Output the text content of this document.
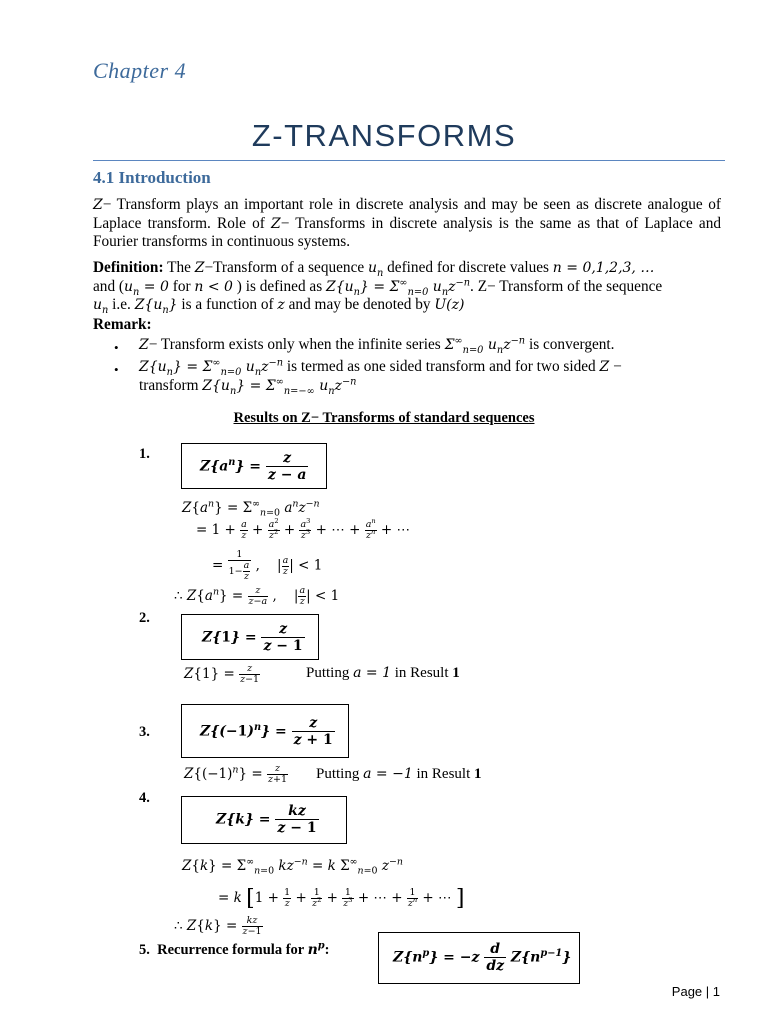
Chapter 4
Z-TRANSFORMS
4.1 Introduction
Z− Transform plays an important role in discrete analysis and may be seen as discrete analogue of Laplace transform. Role of Z− Transforms in discrete analysis is the same as that of Laplace and Fourier transforms in continuous systems.
Definition: The Z−Transform of a sequence $u_n$ defined for discrete values n = 0,1,2,3, …
and ($u_n = 0$ for n < 0 ) is defined as $Z\{u_n\} = \Sigma^\infty_{n=0}$ $u_nz^{-n}$. Z− Transform of the sequence
$u_n$ i.e. $Z\{u_n\}$ is a function of z and may be denoted by U(z)
Remark:
• Z− Transform exists only when the infinite series $\Sigma^\infty_{n=0}$ $u_nz^{-n}$ is convergent.
• $Z\{u_n\} = \Sigma^\infty_{n=0}$ $u_nz^{-n}$ is termed as one sided transform and for two sided Z −
transform $Z\{u_n\} = \Sigma^\infty_{n=-\infty}$ $u_nz^{-n}$
Results on Z− Transforms of standard sequences
1.
$Z\{a^n\} = \frac{z}{z - a}$
$Z\{a^n\} = \Sigma^\infty_{n=0}$ $a^nz^{-n}$
= $1 + \frac{a}{z} + \frac{a^2}{z^2} + \frac{a^3}{z^3}$ + ⋯ + $\frac{a^n}{z^n}$ + ⋯
= $\frac{1}{1- \frac{a}{z}}$ ,    | $\frac{a}{z}$ | < 1
∴ $Z\{a^n\} = \frac{z}{z-a}$ ,    | $\frac{a}{z}$ | < 1
2.
$Z\{1\} = \frac{z}{z - 1}$
$Z\{1\} = \frac{z}{z-1}$	Putting a = 1 in Result 1
3.	$Z\{(-1)^n\} = \frac{z}{z + 1}$
$Z\{(-1)^n\} = \frac{z}{z+1}$ Putting a = −1 in Result 1
4.
$Z\{k\} = \frac{kz}{z - 1}$
$Z\{k\} = \Sigma^\infty_{n=0}$ $kz^{-n} = k$ $\Sigma^\infty_{n=0}$ $z^{-n}$
= k [$1 + \frac{1}{z} + \frac{1}{z^2} + \frac{1}{z^3}$ + ⋯ + $\frac{1}{z^n}$ + ⋯ ]
∴ $Z\{k\} = \frac{kz}{z-1}$
5. Recurrence formula for $n^p$:	$Z\{n^p\} = -z \frac{d}{dz} Z\{n^{p-1}\}$
Page | 1
